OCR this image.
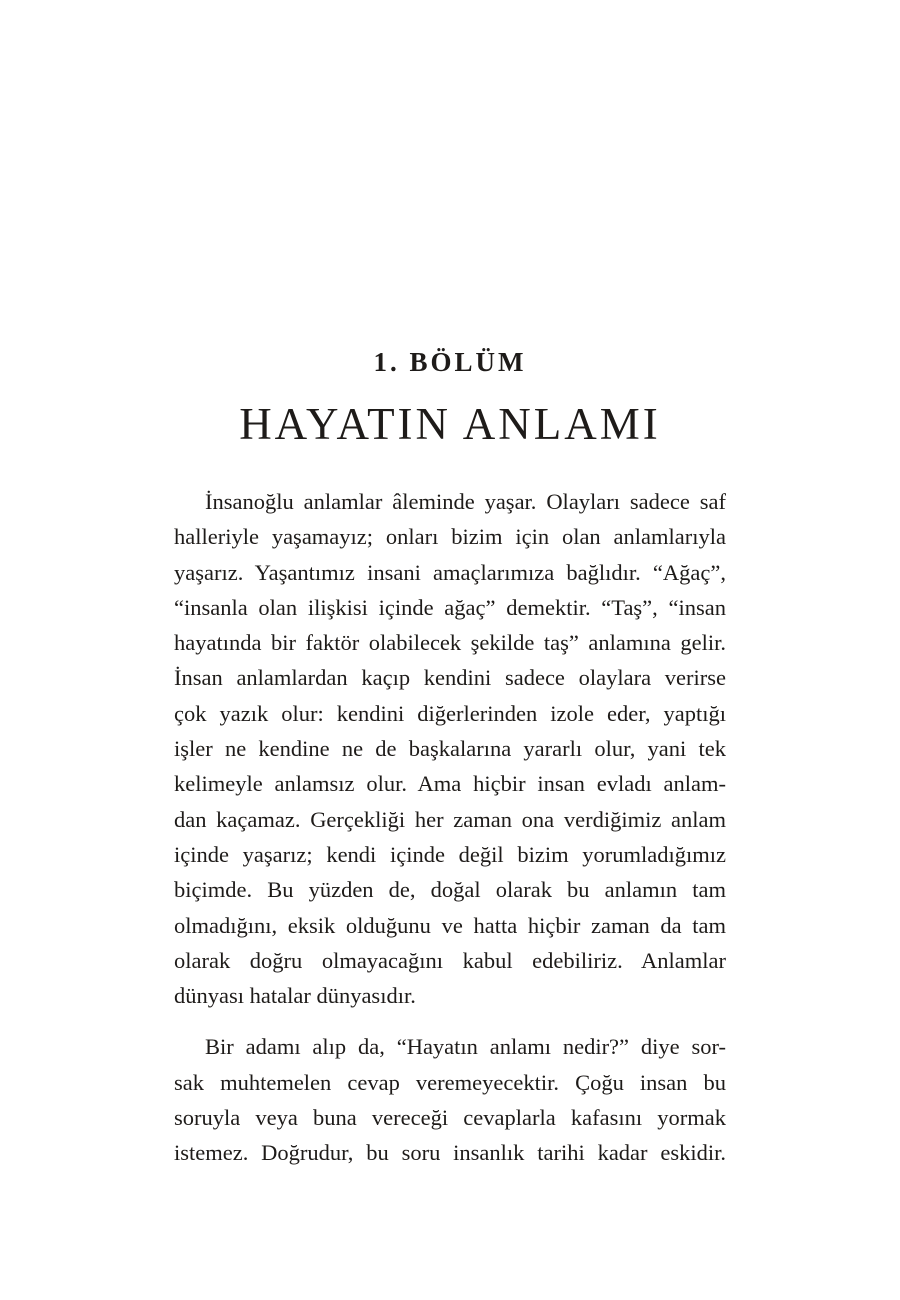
1. BÖLÜM
HAYATIN ANLAMI

İnsanoğlu anlamlar âleminde yaşar. Olayları sadece saf
halleriyle yaşamayız; onları bizim için olan anlamlarıyla
yaşarız. Yaşantımız insani amaçlarımıza bağlıdır. “Ağaç”,
“insanla olan ilişkisi içinde ağaç” demektir. “Taş”, “insan
hayatında bir faktör olabilecek şekilde taş” anlamına gelir.
İnsan anlamlardan kaçıp kendini sadece olaylara verirse
çok yazık olur: kendini diğerlerinden izole eder, yaptığı
işler ne kendine ne de başkalarına yararlı olur, yani tek
kelimeyle anlamsız olur. Ama hiçbir insan evladı anlam-
dan kaçamaz. Gerçekliği her zaman ona verdiğimiz anlam
içinde yaşarız; kendi içinde değil bizim yorumladığımız
biçimde. Bu yüzden de, doğal olarak bu anlamın tam
olmadığını, eksik olduğunu ve hatta hiçbir zaman da tam
olarak doğru olmayacağını kabul edebiliriz. Anlamlar
dünyası hatalar dünyasıdır.

Bir adamı alıp da, “Hayatın anlamı nedir?” diye sor-
sak muhtemelen cevap veremeyecektir. Çoğu insan bu
soruyla veya buna vereceği cevaplarla kafasını yormak
istemez. Doğrudur, bu soru insanlık tarihi kadar eskidir.
